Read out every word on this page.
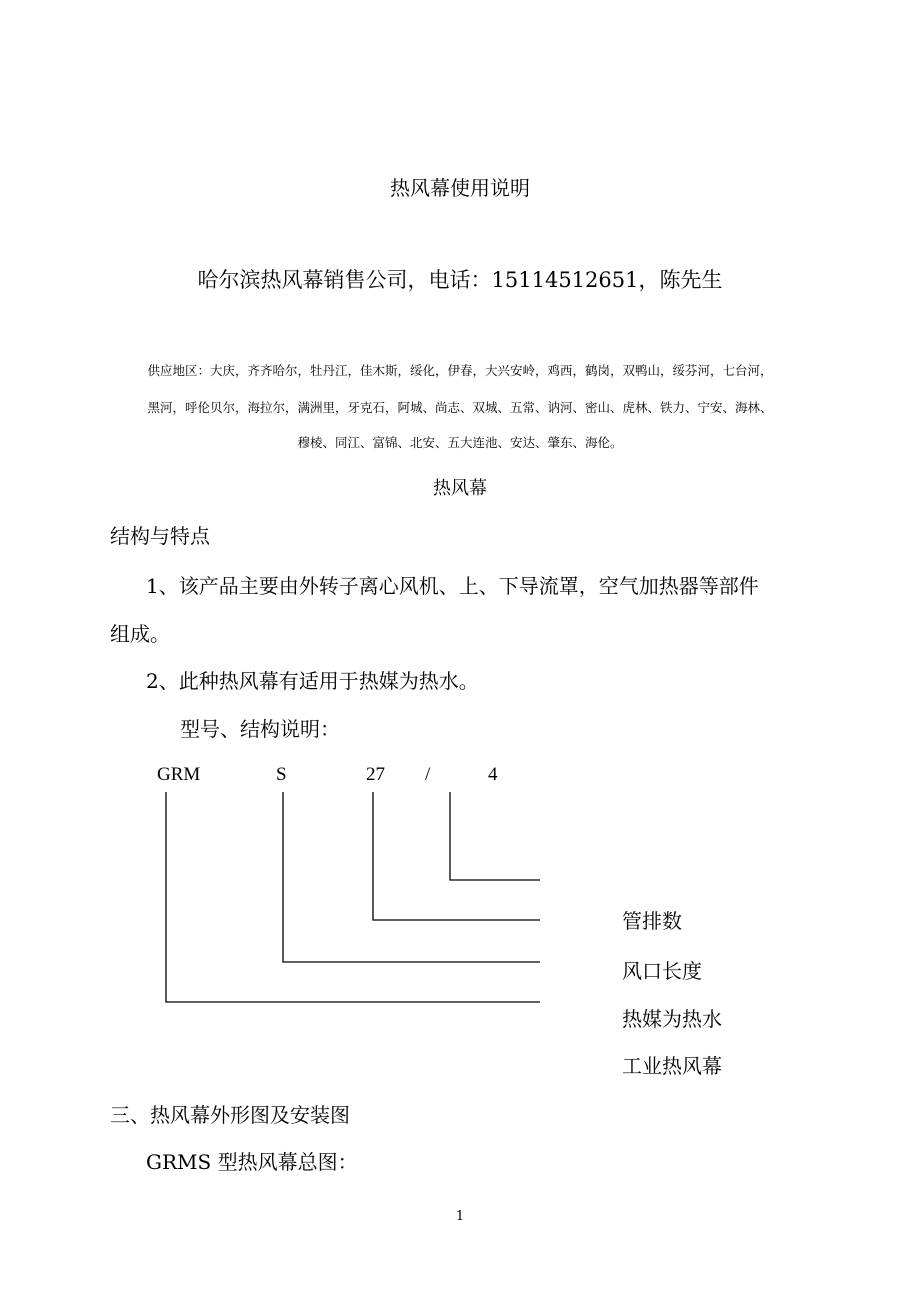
热风幕使用说明
哈尔滨热风幕销售公司，电话：15114512651，陈先生
供应地区：大庆，齐齐哈尔，牡丹江，佳木斯，绥化，伊春，大兴安岭，鸡西，鹤岗，双鸭山，绥芬河，七台河，
黑河，呼伦贝尔，海拉尔，满洲里，牙克石，阿城、尚志、双城、五常、讷河、密山、虎林、铁力、宁安、海林、
穆棱、同江、富锦、北安、五大连池、安达、肇东、海伦。
热风幕
结构与特点
1、该产品主要由外转子离心风机、上、下导流罩，空气加热器等部件
组成。
2、此种热风幕有适用于热媒为热水。
型号、结构说明：
GRM	S	27 /	4
管排数
风口长度
热媒为热水
工业热风幕
三、热风幕外形图及安装图
GRMS 型热风幕总图：
1
